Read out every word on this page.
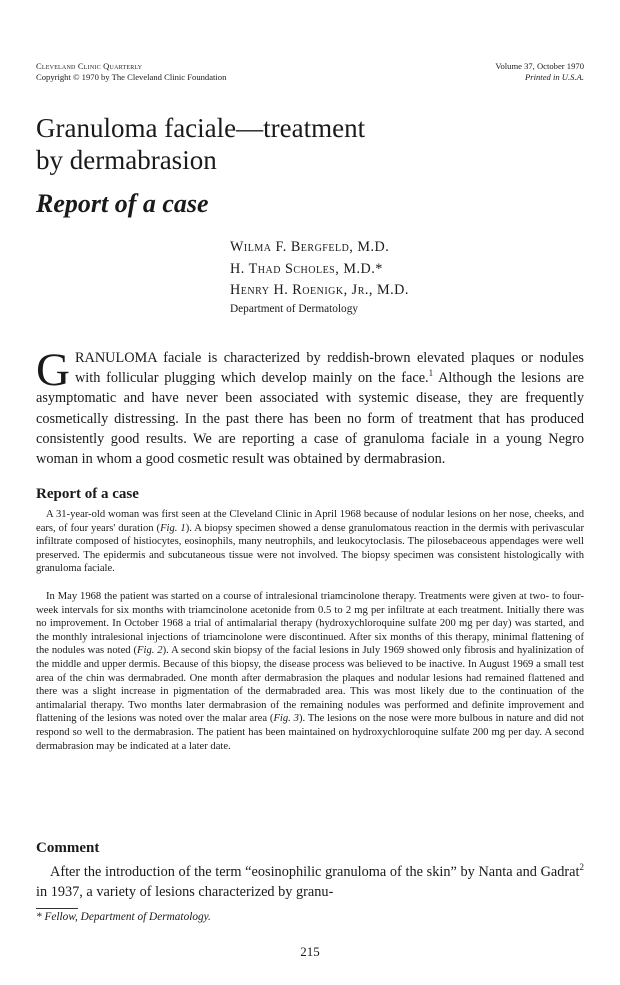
Cleveland Clinic Quarterly
Copyright © 1970 by The Cleveland Clinic Foundation
Volume 37, October 1970
Printed in U.S.A.
Granuloma faciale—treatment
by dermabrasion
Report of a case
Wilma F. Bergfeld, M.D.
H. Thad Scholes, M.D.*
Henry H. Roenigk, Jr., M.D.
Department of Dermatology

GRANULOMA faciale is characterized by reddish-brown elevated plaques or nodules with follicular plugging which develop mainly on the face.$^1$ Although the lesions are asymptomatic and have never been associated with systemic disease, they are frequently cosmetically distressing. In the past there has been no form of treatment that has produced consistently good results. We are reporting a case of granuloma faciale in a young Negro woman in whom a good cosmetic result was obtained by dermabrasion.

Report of a case

A 31-year-old woman was first seen at the Cleveland Clinic in April 1968 because of nodular lesions on her nose, cheeks, and ears, of four years' duration (Fig. 1). A biopsy specimen showed a dense granulomatous reaction in the dermis with perivascular infiltrate composed of histiocytes, eosinophils, many neutrophils, and leukocytoclasis. The pilosebaceous appendages were well preserved. The epidermis and subcutaneous tissue were not involved. The biopsy specimen was consistent histologically with granuloma faciale.

In May 1968 the patient was started on a course of intralesional triamcinolone therapy. Treatments were given at two- to four-week intervals for six months with triamcinolone acetonide from 0.5 to 2 mg per infiltrate at each treatment. Initially there was no improvement. In October 1968 a trial of antimalarial therapy (hydroxychloroquine sulfate 200 mg per day) was started, and the monthly intralesional injections of triamcinolone were discontinued. After six months of this therapy, minimal flattening of the nodules was noted (Fig. 2). A second skin biopsy of the facial lesions in July 1969 showed only fibrosis and hyalinization of the middle and upper dermis. Because of this biopsy, the disease process was believed to be inactive. In August 1969 a small test area of the chin was dermabraded. One month after dermabrasion the plaques and nodular lesions had remained flattened and there was a slight increase in pigmentation of the dermabraded area. This was most likely due to the continuation of the antimalarial therapy. Two months later dermabrasion of the remaining nodules was performed and definite improvement and flattening of the lesions was noted over the malar area (Fig. 3). The lesions on the nose were more bulbous in nature and did not respond so well to the dermabrasion. The patient has been maintained on hydroxychloroquine sulfate 200 mg per day. A second dermabrasion may be indicated at a later date.

Comment

After the introduction of the term “eosinophilic granuloma of the skin” by Nanta and Gadrat$^2$ in 1937, a variety of lesions characterized by granu-

* Fellow, Department of Dermatology.
215
